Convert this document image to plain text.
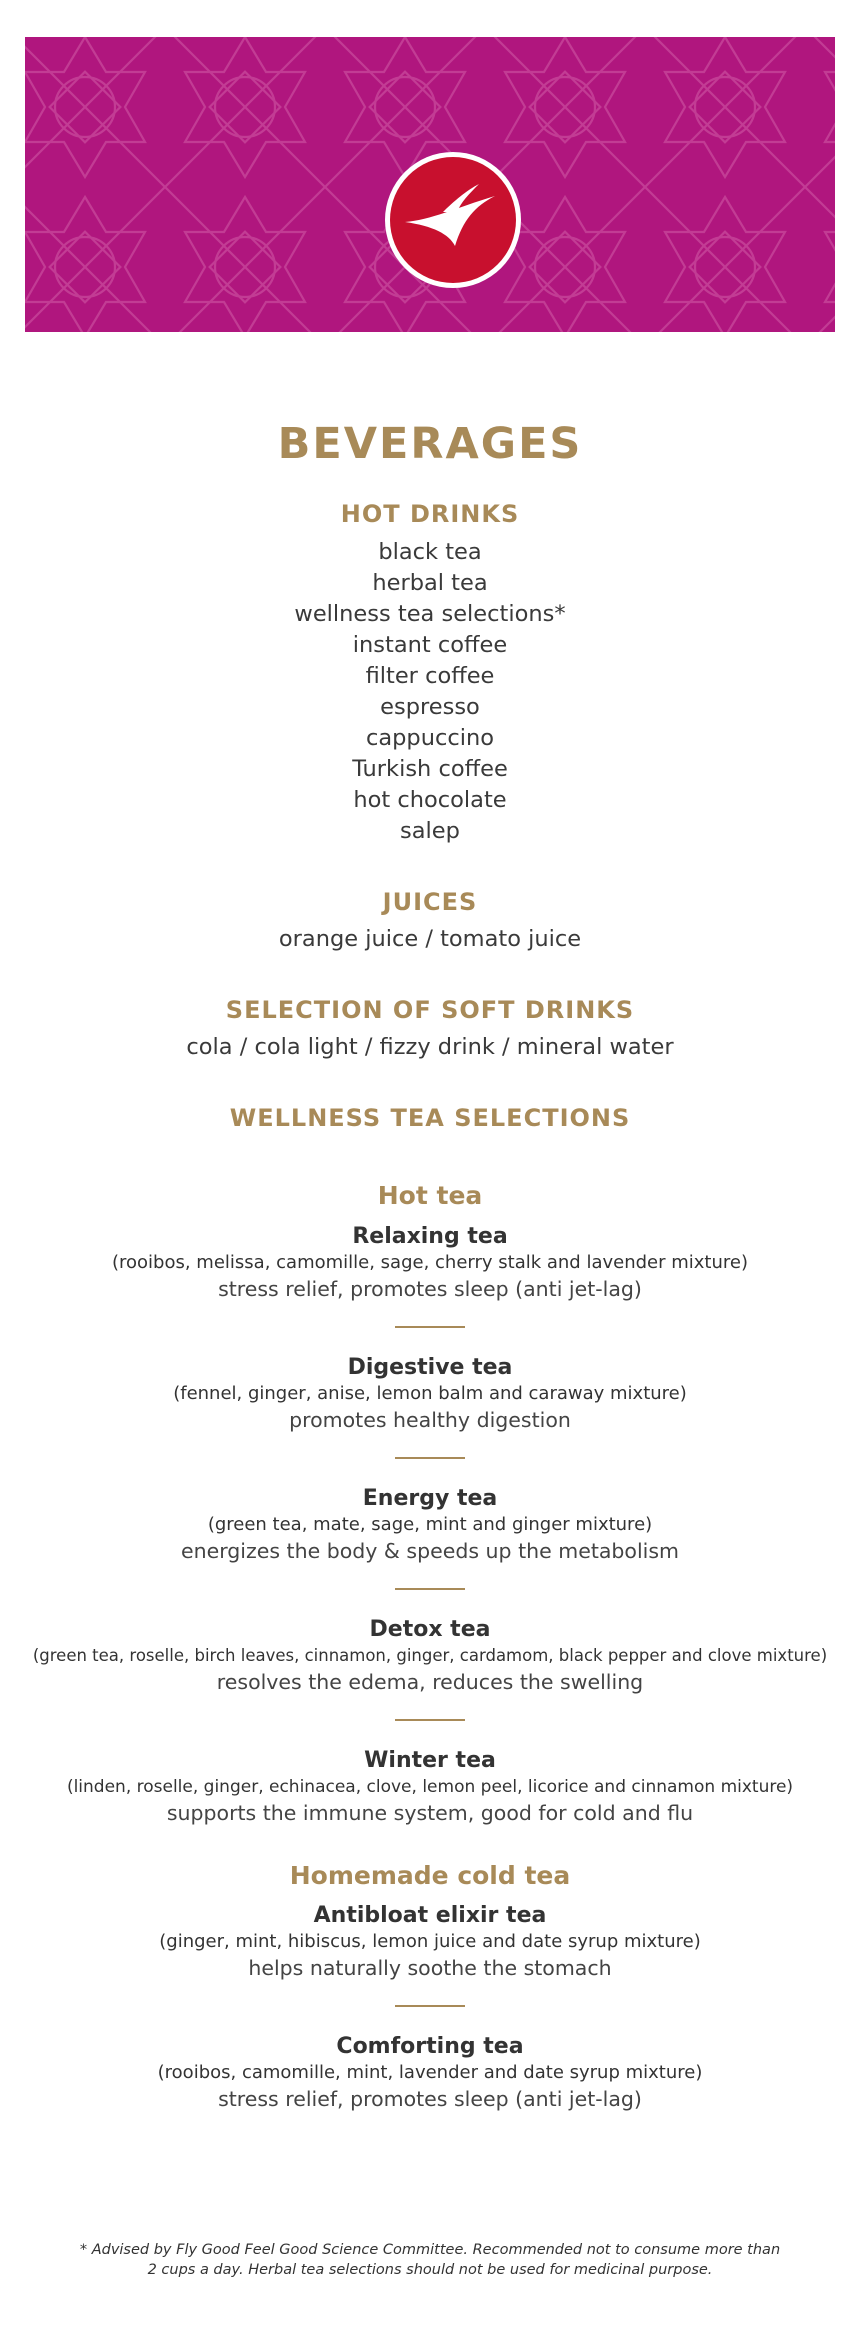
BEVERAGES
HOT DRINKS

black tea

herbal tea

wellness tea selections*

instant coffee

filter coffee

espresso

cappuccino

Turkish coffee

hot chocolate

salep

JUICES

orange juice / tomato juice

SELECTION OF SOFT DRINKS

cola / cola light / fizzy drink / mineral water

WELLNESS TEA SELECTIONS
Hot tea

Relaxing tea

(rooibos, melissa, camomille, sage, cherry stalk and lavender mixture)

stress relief, promotes sleep (anti jet-lag)

Digestive tea

(fennel, ginger, anise, lemon balm and caraway mixture)

promotes healthy digestion

Energy tea

(green tea, mate, sage, mint and ginger mixture)

energizes the body & speeds up the metabolism

Detox tea

(green tea, roselle, birch leaves, cinnamon, ginger, cardamom, black pepper and clove mixture)

resolves the edema, reduces the swelling

Winter tea

(linden, roselle, ginger, echinacea, clove, lemon peel, licorice and cinnamon mixture)

supports the immune system, good for cold and flu

Homemade cold tea

Antibloat elixir tea

(ginger, mint, hibiscus, lemon juice and date syrup mixture)

helps naturally soothe the stomach

Comforting tea

(rooibos, camomille, mint, lavender and date syrup mixture)

stress relief, promotes sleep (anti jet-lag)

* Advised by Fly Good Feel Good Science Committee. Recommended not to consume more than
2 cups a day. Herbal tea selections should not be used for medicinal purpose.
